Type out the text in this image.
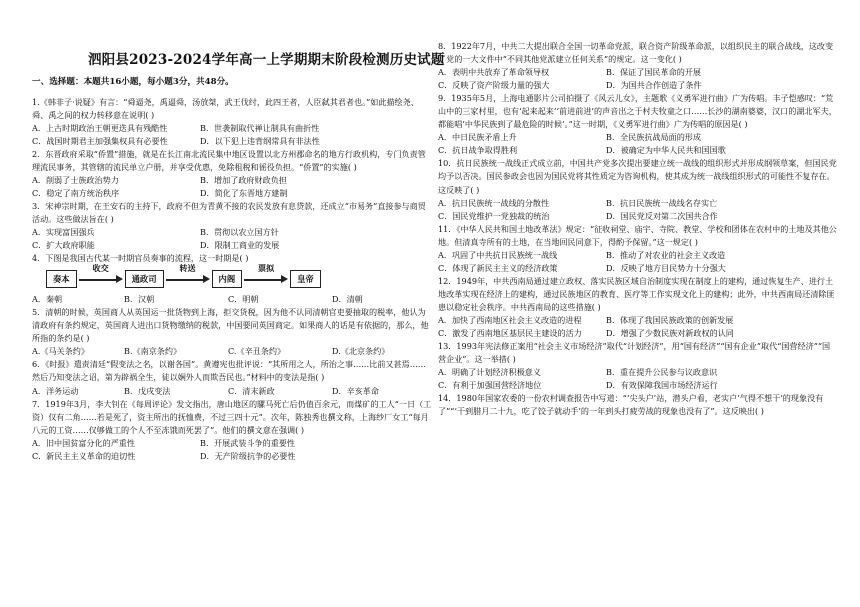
泗阳县2023-2024学年高一上学期期末阶段检测历史试题

一、选择题：本题共16小题，每小题3分，共48分。

1.《韩非子·说疑》有言：“舜逼尧，禹逼舜，汤放桀，武王伐纣，此四王者，人臣弑其君者也。”如此描绘尧、舜、禹之间的权力转移意在说明( )

A．上古时期政治王朝更迭具有残酷性	B．世袭制取代禅让制具有曲折性
C．战国时期君主加强集权具有必要性	D．以下犯上违背纲常具有非法性

2．东晋政府采取“侨置”措施，就是在长江南北流民集中地区设置以北方州郡命名的地方行政机构，专门负责管理流民事务，其管辖的流民单立户册，并享受优惠，免除租税和徭役负担。“侨置”的实施( )

A．削弱了士族政治势力	B．增加了政府财政负担
C．稳定了南方统治秩序	D．简化了东晋地方建制

3．宋神宗时期，在王安石的主持下，政府不但为青黄不接的农民发放有息贷款，还成立“市易务”直接参与商贸活动。这些做法旨在( )

A．实现富国强兵	B．贯彻以农立国方针
C．扩大政府职能	D．限制工商业的发展

4．下图是我国古代某一时期官员奏事的流程，这一时期是( )

奏本
收交
通政司
转送
内阁
票拟
皇帝
A．秦朝	B．汉朝	C．明朝	D．清朝

5．清朝的时候，英国商人从英国运一批货物到上海，拒交货税，因为他不认同清朝官吏要抽取的税率，他认为清政府有条约规定，英国商人进出口货物缴纳的税款，中国要同英国商定。如果商人的话是有依据的，那么，他所指的条约是( )

A.《马关条约》	B.《南京条约》	C.《辛丑条约》	D.《北京条约》

6．《时报》遣责清廷“假变法之名，以谢各国”。黄遵宪也批评说：“其所用之人，所治之事……比前又甚焉……然后乃知变法之诏，第为辟祸全生，徒以娴外人而欺吾民也。”材料中的变法是指( )

A．洋务运动	B．戊戌变法	C．清末新政	D．辛亥革命

7．1919年3月，李大钊在《每周评论》发文指出，唐山地区的騾马死亡后仍值百余元，而煤矿的工人“一日（工资）仅有二角……若是死了，资主所出的抚恤费，不过三四十元”。次年，陈独秀也撰文称，上海纱厂女工“每月八元的工资……仅够做工的个人不至冻饿而死罢了”。他们的撰文意在强调( )

A．旧中国贫富分化的严重性	B．开展武装斗争的重要性
C．新民主主义革命的迫切性	D．无产阶级抗争的必要性

8．1922年7月，中共二大提出联合全国一切革命党派，联合资产阶级革命派，以组织民主的联合战线，这改变了党的一大文件中“不同其他党派建立任何关系”的规定。这一变化( )

A．表明中共放弃了革命领导权	B．保证了国民革命的开展
C．反映了资产阶级力量的强大	D．为国共合作创造了条件

9．1935年5月，上海电通影片公司拍摄了《风云儿女》，主题歌《义勇军进行曲》广为传唱。丰子恺感叹：“荒山中的三家村里，也有‘起来起来’‘前进前进’的声音出之于村夫牧童之口……长沙的湖南婆婆，汉口的湖北军夫，都能唱‘中华民族到了最危险的时候’。”这一时期，《义勇军进行曲》广为传唱的原因是( )

A．中日民族矛盾上升	B．全民族抗战局面的形成
C．抗日战争取得胜利	D．被确定为中华人民共和国国歌

10．抗日民族统一战线正式成立前，中国共产党多次提出要建立统一战线的组织形式并形成纲领草案，但国民党均予以否决。国民参政会也因为国民党将其性质定为咨询机构，使其成为统一战线组织形式的可能性不复存在。这反映了( )

A．抗日民族统一战线的分散性	B．抗日民族统一战线名存实亡
C．国民党维护一党独裁的统治	D．国民党反对第二次国共合作

11．《中华人民共和国土地改革法》规定：“征收祠堂、庙宇、寺院、教堂、学校和团体在农村中的土地及其他公地。但清真寺所有的土地，在当地回民同意下，得酌予保留。”这一规定( )

A．巩固了中共抗日民族统一战线	B．推动了对农业的社会主义改造
C．体现了新民主主义的经济政策	D．反映了地方目民势力十分强大

12．1949年，中共西南局通过建立政权、落实民族区域自治制度实现在制度上的建构，通过恢复生产、进行土地改革实现在经济上的建构，通过民族地区的教育、医疗等工作实现文化上的建构；此外，中共西南局还清除匪患以稳定社会秩序。中共西南局的这些措施( )

A．加快了西南地区社会主义改造的进程	B．体现了我国民族政策的创新发展
C．激发了西南地区基层民主建设的活力	D．增强了少数民族对新政权的认同

13．1993年宪法修正案用“社会主义市场经济”取代“计划经济”，用“国有经济”“国有企业”取代“国营经济”“国营企业”。这一举措( )

A．明确了计划经济积极意义	B．重在提升公民参与议政意识
C．有利于加强国营经济地位	D．有效保障我国市场经济运行

14．1980年国家农委的一份农村调查报告中写道：“‘尖头户’站，潜头户看，老实户‘气得不想干’的现象没有了”“‘干到腊月二十九，吃了饺子就动手’的一年到头打疲劳战的现象也没有了”。这反映出( )
